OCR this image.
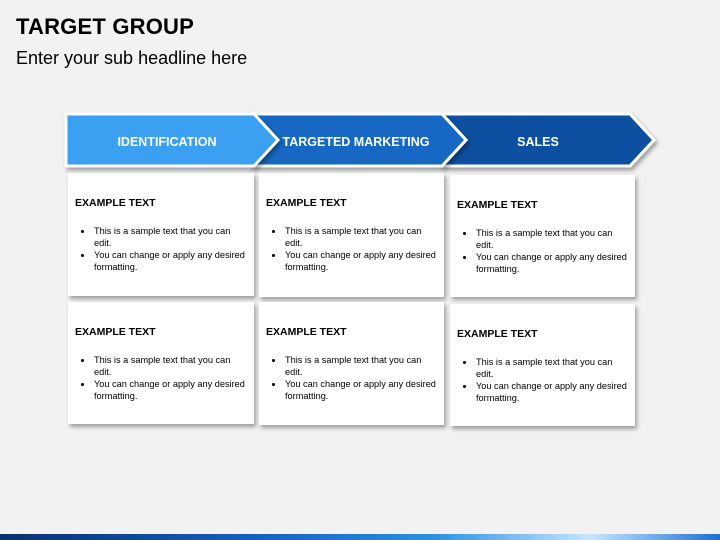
TARGET GROUP
Enter your sub headline here
IDENTIFICATION	TARGETED MARKETING	SALES
EXAMPLE TEXT
• This is a sample text that you can edit.
• You can change or apply any desired formatting.
EXAMPLE TEXT
• This is a sample text that you can edit.
• You can change or apply any desired formatting.
EXAMPLE TEXT
• This is a sample text that you can edit.
• You can change or apply any desired formatting.
EXAMPLE TEXT
• This is a sample text that you can edit.
• You can change or apply any desired formatting.
EXAMPLE TEXT
• This is a sample text that you can edit.
• You can change or apply any desired formatting.
EXAMPLE TEXT
• This is a sample text that you can edit.
• You can change or apply any desired formatting.
